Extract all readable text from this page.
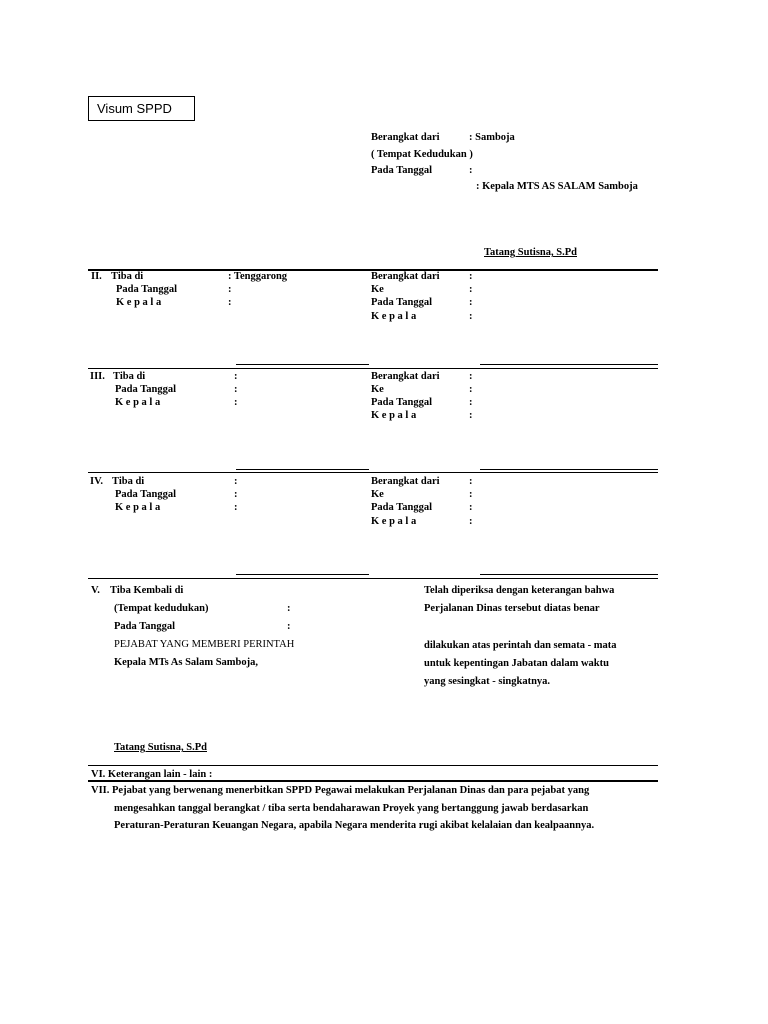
Visum SPPD
Berangkat dari	: Samboja
( Tempat Kedudukan )
Pada Tanggal	:
: Kepala MTS AS SALAM Samboja
Tatang Sutisna, S.Pd
II. Tiba di	: Tenggarong
Pada Tanggal	:
K e p a l a	:
Berangkat dari	:
Ke	:
Pada Tanggal	:
K e p a l a	:
III. Tiba di	:
Pada Tanggal	:
K e p a l a	:
Berangkat dari	:
Ke	:
Pada Tanggal	:
K e p a l a	:
IV. Tiba di	:
Pada Tanggal	:
K e p a l a	:
Berangkat dari	:
Ke	:
Pada Tanggal	:
K e p a l a	:
V. Tiba Kembali di
(Tempat kedudukan)	:
Pada Tanggal	:
PEJABAT YANG MEMBERI PERINTAH
Kepala MTs As Salam Samboja,
Tatang Sutisna, S.Pd
Telah diperiksa dengan keterangan bahwa
Perjalanan Dinas tersebut diatas benar
dilakukan atas perintah dan semata - mata
untuk kepentingan Jabatan dalam waktu
yang sesingkat - singkatnya.
VI. Keterangan lain - lain :
VII. Pejabat yang berwenang menerbitkan SPPD Pegawai melakukan Perjalanan Dinas dan para pejabat yang
mengesahkan tanggal berangkat / tiba serta bendaharawan Proyek yang bertanggung jawab berdasarkan
Peraturan-Peraturan Keuangan Negara, apabila Negara menderita rugi akibat kelalaian dan kealpaannya.
